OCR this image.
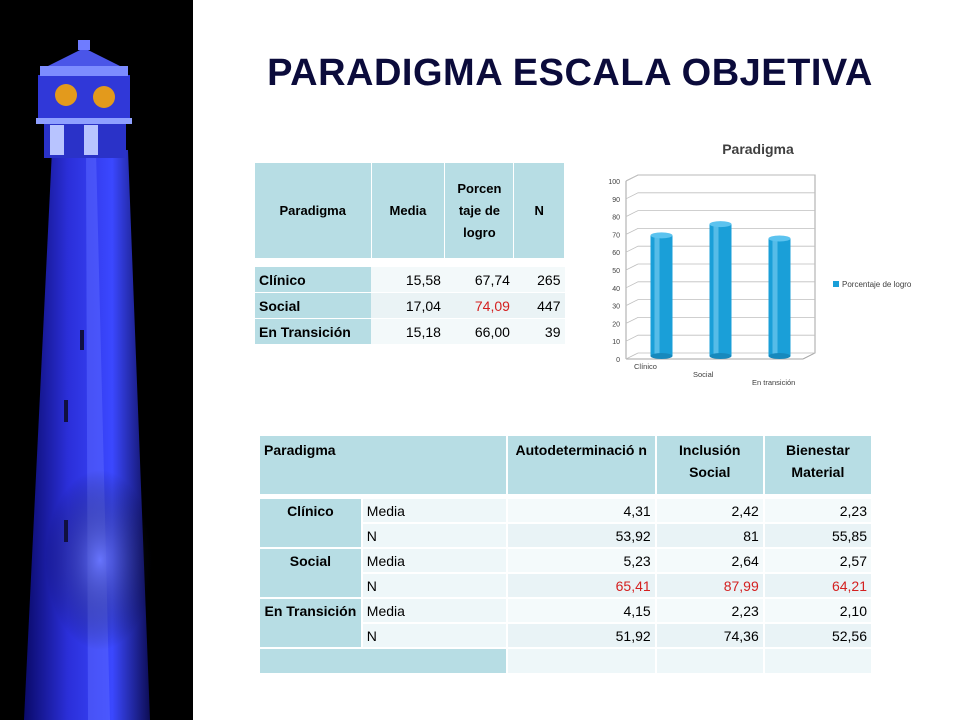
PARADIGMA ESCALA OBJETIVA
Paradigma	Media	Porcen taje de logro	N

Clínico	15,58	67,74	265
Social	17,04	74,09	447
En Transición	15,18	66,00	39
Paradigma
0
10
20
30
40
50
60
70
80
90
100
Clínico
Social
En transición
Porcentaje de logro
Paradigma		Autodeterminació n	Inclusión Social	Bienestar Material

Clínico	Media	4,31	2,42	2,23
	N	53,92	81	55,85
Social	Media	5,23	2,64	2,57
	N	65,41	87,99	64,21
En Transición	Media	4,15	2,23	2,10
	N	51,92	74,36	52,56
